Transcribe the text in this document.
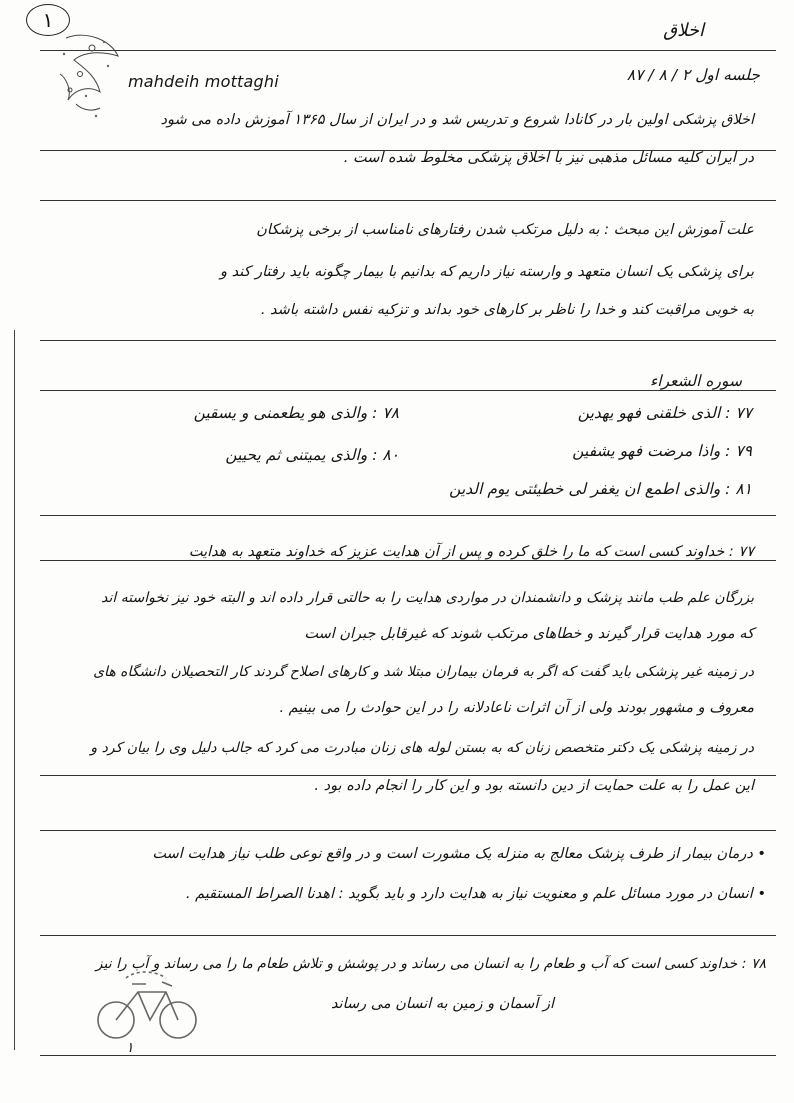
۱	اخلاق
جلسه اول ۲ / ۸ / ۸۷
mahdeih mottaghi
اخلاق پزشکی اولین بار در کانادا شروع و تدریس شد و در ایران از سال ۱۳۶۵ آموزش داده می شود
در ایران کلیه مسائل مذهبی نیز با اخلاق پزشکی مخلوط شده است .
علت آموزش این مبحث : به دلیل مرتکب شدن رفتارهای نامناسب از برخی پزشکان
برای پزشکی یک انسان متعهد و وارسته نیاز داریم که بدانیم با بیمار چگونه باید رفتار کند و
به خوبی مراقبت کند و خدا را ناظر بر کارهای خود بداند و تزکیه نفس داشته باشد .
سوره الشعراء
۷۷ : الذی خلقنی فهو یهدین
۷۸ : والذی هو یطعمنی و یسقین
۷۹ : واذا مرضت فهو یشفین
۸۰ : والذی یمیتنی ثم یحیین
۸۱ : والذی اطمع ان یغفر لی خطیئتی یوم الدین
۷۷ : خداوند کسی است که ما را خلق کرده و پس از آن هدایت عزیز که خداوند متعهد به هدایت
بزرگان علم طب مانند پزشک و دانشمندان در مواردی هدایت را به حالتی قرار داده اند و البته خود نیز نخواسته اند
که مورد هدایت قرار گیرند و خطاهای مرتکب شوند که غیرقابل جبران است
در زمینه غیر پزشکی باید گفت که اگر به فرمان بیماران مبتلا شد و کارهای اصلاح گردند کار التحصیلان دانشگاه های
معروف و مشهور بودند ولی از آن اثرات ناعادلانه را در این حوادث را می بینیم .
در زمینه پزشکی یک دکتر متخصص زنان که به بستن لوله های زنان مبادرت می کرد که جالب دلیل وی را بیان کرد و
این عمل را به علت حمایت از دین دانسته بود و این کار را انجام داده بود .
• درمان بیمار از طرف پزشک معالج به منزله یک مشورت است و در واقع نوعی طلب نیاز هدایت است
• انسان در مورد مسائل علم و معنویت نیاز به هدایت دارد و باید بگوید : اهدنا الصراط المستقیم .
۷۸ : خداوند کسی است که آب و طعام را به انسان می رساند و در پوشش و تلاش طعام ما را می رساند و آب را نیز
از آسمان و زمین به انسان می رساند
۱
